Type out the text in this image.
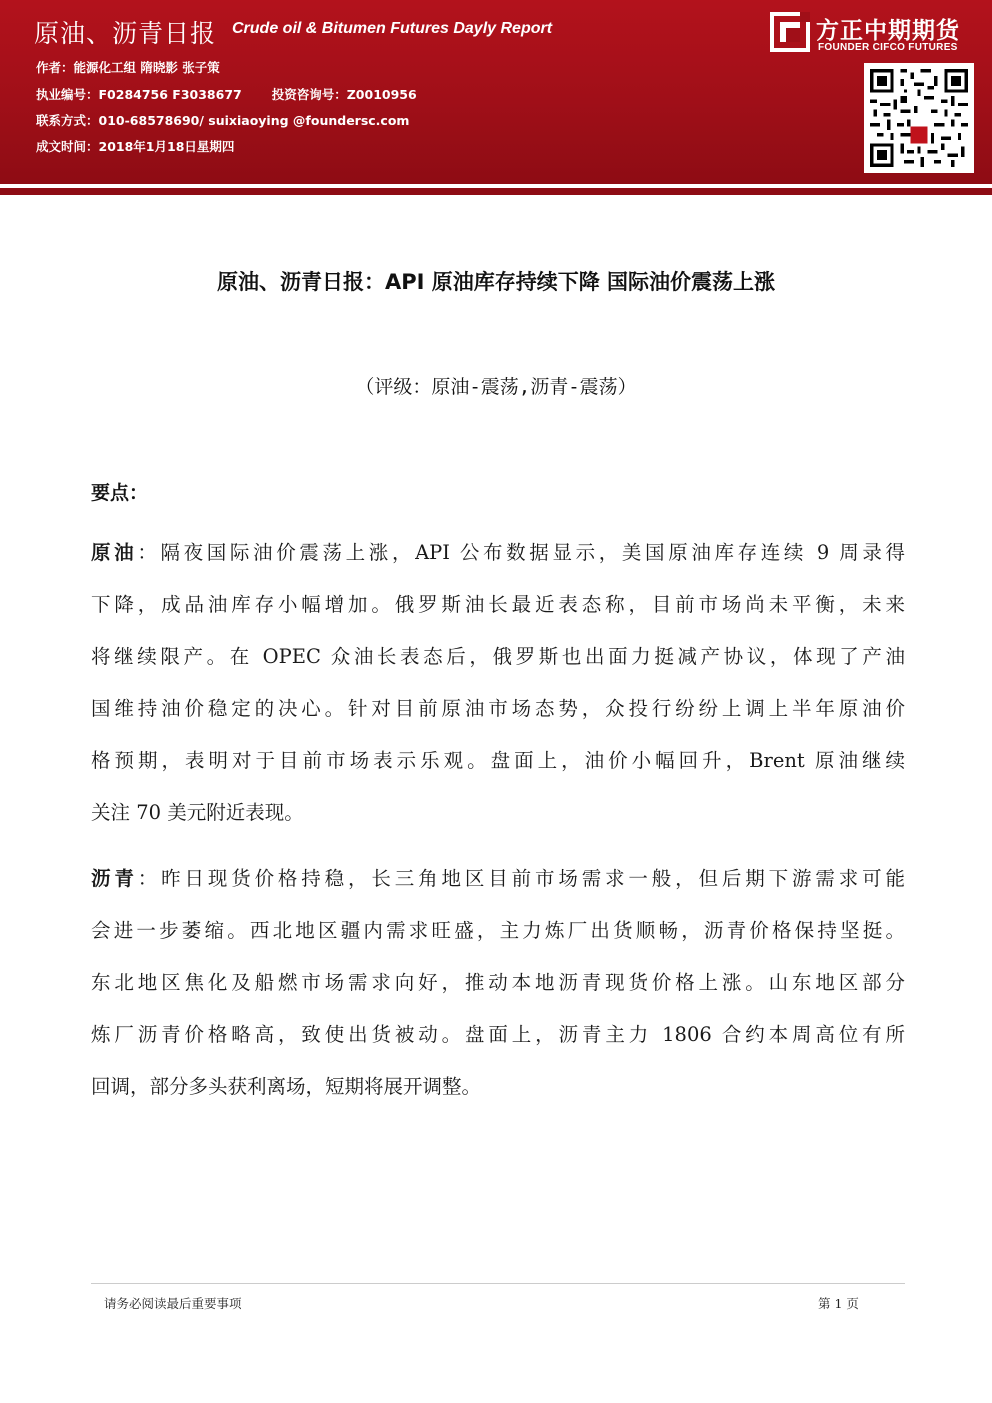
原油、沥青日报 Crude oil & Bitumen Futures Dayly Report
作者：能源化工组 隋晓影 张子策
执业编号：F0284756 F3038677 投资咨询号：Z0010956
联系方式：010-68578690/ suixiaoying @foundersc.com
成文时间：2018年1月18日星期四
方正中期期货
FOUNDER CIFCO FUTURES
原油、沥青日报：API 原油库存持续下降 国际油价震荡上涨
（评级：原油-震荡,沥青-震荡）
要点：
原油：隔夜国际油价震荡上涨，API 公布数据显示，美国原油库存连续 9 周录得
下降，成品油库存小幅增加。俄罗斯油长最近表态称，目前市场尚未平衡，未来
将继续限产。在 OPEC 众油长表态后，俄罗斯也出面力挺减产协议，体现了产油
国维持油价稳定的决心。针对目前原油市场态势，众投行纷纷上调上半年原油价
格预期，表明对于目前市场表示乐观。盘面上，油价小幅回升，Brent 原油继续
关注 70 美元附近表现。
沥青：昨日现货价格持稳，长三角地区目前市场需求一般，但后期下游需求可能
会进一步萎缩。西北地区疆内需求旺盛，主力炼厂出货顺畅，沥青价格保持坚挺。
东北地区焦化及船燃市场需求向好，推动本地沥青现货价格上涨。山东地区部分
炼厂沥青价格略高，致使出货被动。盘面上，沥青主力 1806 合约本周高位有所
回调，部分多头获利离场，短期将展开调整。
请务必阅读最后重要事项	第 1 页
